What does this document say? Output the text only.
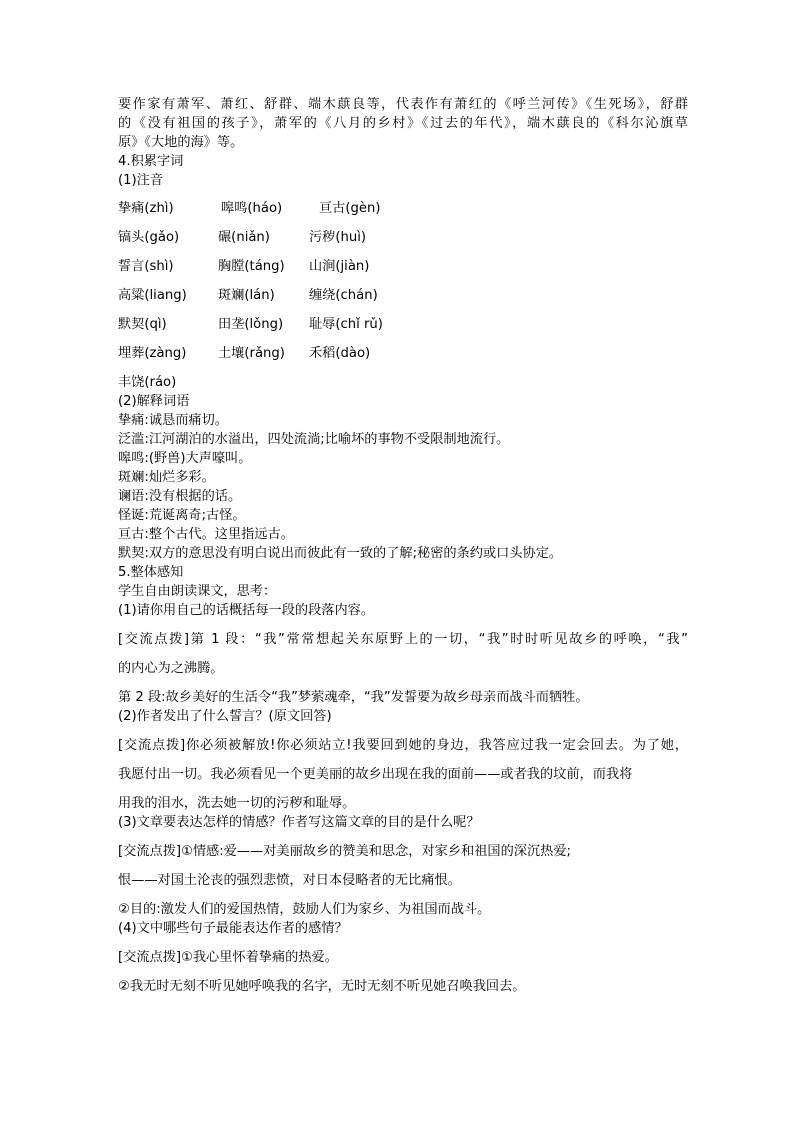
要作家有萧军、萧红、舒群、端木蕻良等，代表作有萧红的《呼兰河传》《生死场》，舒群
的《没有祖国的孩子》，萧军的《八月的乡村》《过去的年代》，端木蕻良的《科尔沁旗草
原》《大地的海》等。
4.积累字词
(1)注音
挚痛(zhì)	嗥鸣(háo)	亘古(gèn)
镐头(gǎo)	碾(niǎn)	污秽(huì)
誓言(shì)	胸膛(táng)	山涧(jiàn)
高粱(liang)	斑斓(lán)	缠绕(chán)
默契(qì)	田垄(lǒng)	耻辱(chǐ rǔ)
埋葬(zàng)	土壤(rǎng)	禾稻(dào)
丰饶(ráo)
(2)解释词语
挚痛:诚恳而痛切。
泛滥:江河湖泊的水溢出，四处流淌;比喻坏的事物不受限制地流行。
嗥鸣:(野兽)大声嚎叫。
斑斓:灿烂多彩。
谰语:没有根据的话。
怪诞:荒诞离奇;古怪。
亘古:整个古代。这里指远古。
默契:双方的意思没有明白说出而彼此有一致的了解;秘密的条约或口头协定。
5.整体感知
学生自由朗读课文，思考：
(1)请你用自己的话概括每一段的段落内容。
[交流点拨]第 1 段：“我”常常想起关东原野上的一切，“我”时时听见故乡的呼唤，“我”
的内心为之沸腾。
第 2 段:故乡美好的生活令“我”梦萦魂牵，“我”发誓要为故乡母亲而战斗而牺牲。
(2)作者发出了什么誓言？(原文回答)
[交流点拨]你必须被解放!你必须站立!我要回到她的身边，我答应过我一定会回去。为了她，
我愿付出一切。我必须看见一个更美丽的故乡出现在我的面前——或者我的坟前，而我将
用我的泪水，洗去她一切的污秽和耻辱。
(3)文章要表达怎样的情感？作者写这篇文章的目的是什么呢？
[交流点拨]①情感:爱——对美丽故乡的赞美和思念，对家乡和祖国的深沉热爱;
恨——对国土沦丧的强烈悲愤，对日本侵略者的无比痛恨。
②目的:激发人们的爱国热情，鼓励人们为家乡、为祖国而战斗。
(4)文中哪些句子最能表达作者的感情？
[交流点拨]①我心里怀着挚痛的热爱。
②我无时无刻不听见她呼唤我的名字，无时无刻不听见她召唤我回去。
